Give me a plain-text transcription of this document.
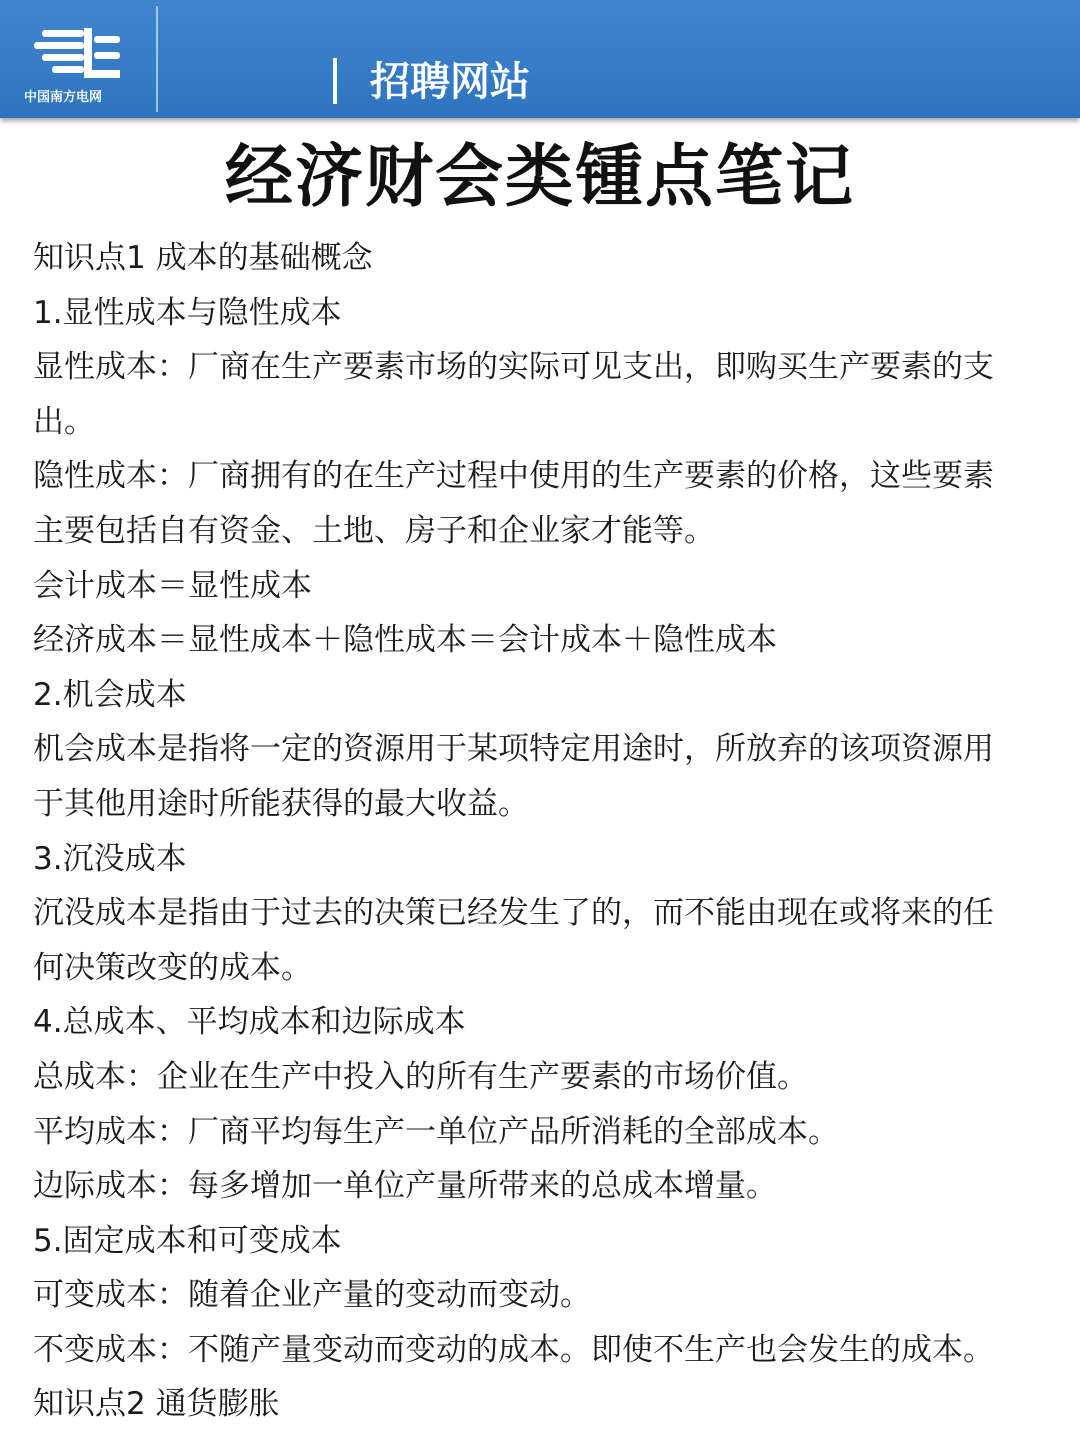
中国南方电网	招聘网站
经济财会类锺点笔记
知识点1 成本的基础概念
1.显性成本与隐性成本
显性成本：厂商在生产要素市场的实际可见支出，即购买生产要素的支
出。
隐性成本：厂商拥有的在生产过程中使用的生产要素的价格，这些要素
主要包括自有资金、土地、房子和企业家才能等。
会计成本＝显性成本
经济成本＝显性成本＋隐性成本＝会计成本＋隐性成本
2.机会成本
机会成本是指将一定的资源用于某项特定用途时，所放弃的该项资源用
于其他用途时所能获得的最大收益。
3.沉没成本
沉没成本是指由于过去的决策已经发生了的，而不能由现在或将来的任
何决策改变的成本。
4.总成本、平均成本和边际成本
总成本：企业在生产中投入的所有生产要素的市场价值。
平均成本：厂商平均每生产一单位产品所消耗的全部成本。
边际成本：每多增加一单位产量所带来的总成本增量。
5.固定成本和可变成本
可变成本：随着企业产量的变动而变动。
不变成本：不随产量变动而变动的成本。即使不生产也会发生的成本。
知识点2 通货膨胀
